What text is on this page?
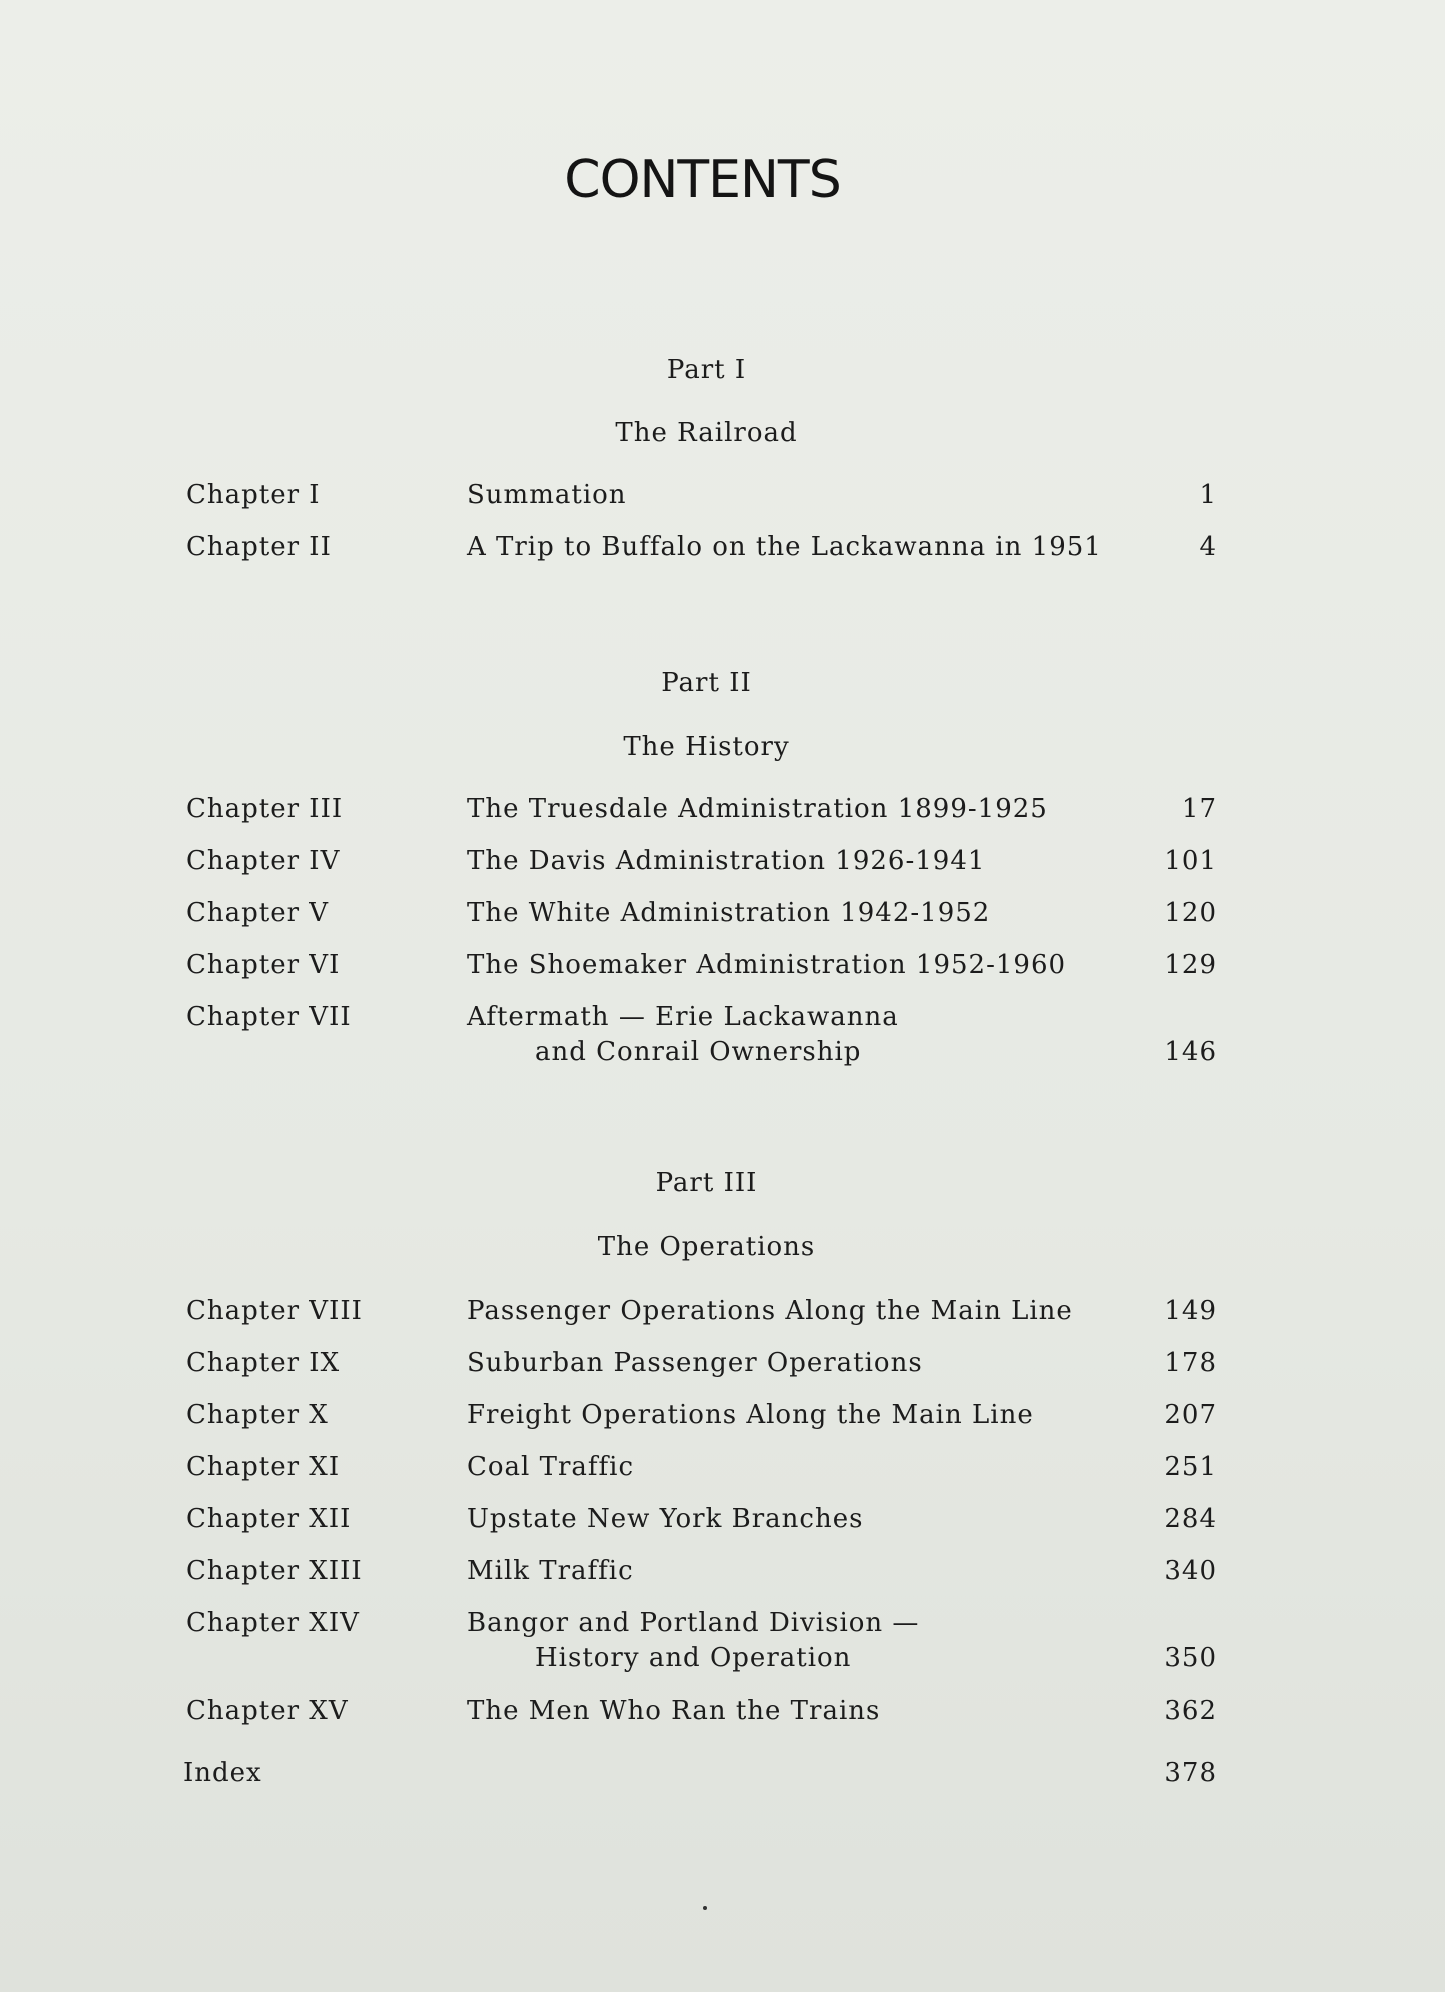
CONTENTS
Part I
The Railroad
Chapter I	Summation	1
Chapter II	A Trip to Buffalo on the Lackawanna in 1951	4
Part II
The History
Chapter III	The Truesdale Administration 1899-1925	17
Chapter IV	The Davis Administration 1926-1941	101
Chapter V	The White Administration 1942-1952	120
Chapter VI	The Shoemaker Administration 1952-1960	129
Chapter VII	Aftermath — Erie Lackawanna
and Conrail Ownership	146
Part III
The Operations
Chapter VIII	Passenger Operations Along the Main Line	149
Chapter IX	Suburban Passenger Operations	178
Chapter X	Freight Operations Along the Main Line	207
Chapter XI	Coal Traffic	251
Chapter XII	Upstate New York Branches	284
Chapter XIII	Milk Traffic	340
Chapter XIV	Bangor and Portland Division —
History and Operation	350
Chapter XV	The Men Who Ran the Trains	362
Index	378
